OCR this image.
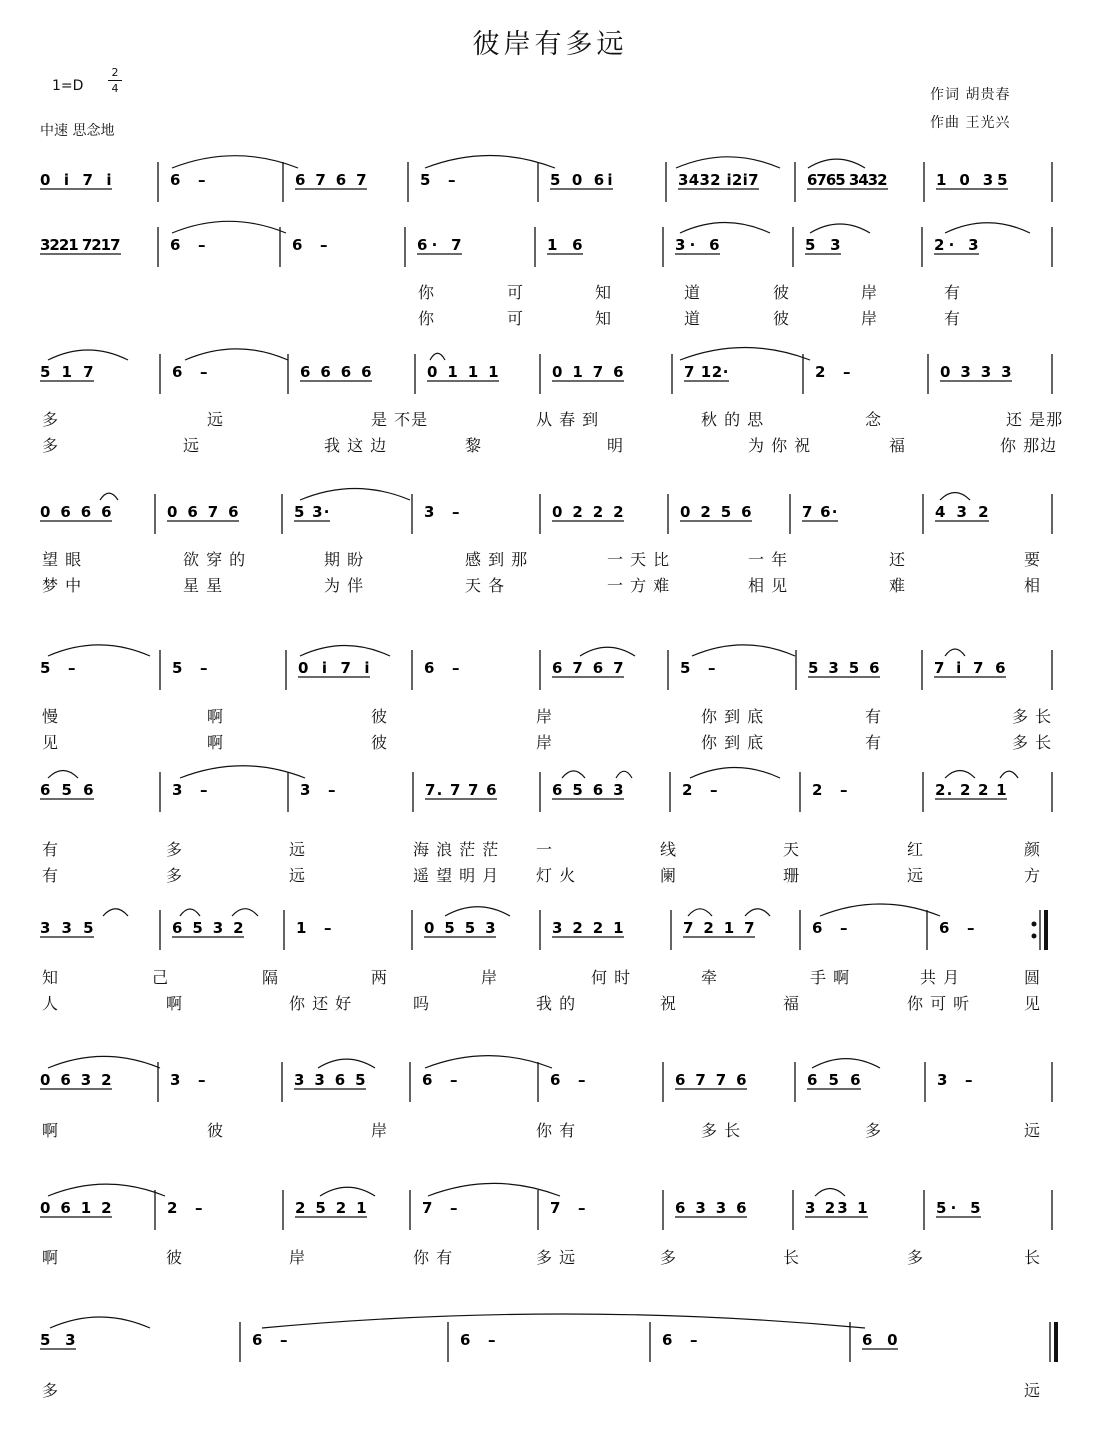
彼岸有多远
1=D
2
4
中速 思念地
作词 胡贵春
作曲 王光兴
0 i 7 i	6 –	6 7 6 7	5 –	5 0 6i	3432 i2i7	6765 3432	1 0 35
3221 7217	6 –	6 –	6· 7	1 6	3· 6	5 3	2· 3
5 1 7	6 –	6 6 6 6	0 1 1 1	0 1 7 6	7 12·	2 –	0 3 3 3
0 6 6 6	0 6 7 6	5 3·	3 –	0 2 2 2	0 2 5 6	7 6·	4 3 2
5 –	5 –	0 i 7 i	6 –	6 7 6 7	5 –	5 3 5 6	7 i 7 6
6 5 6	3 –	3 –	7. 7 7 6	6 5 6 3	2 –	2 –	2. 2 2 1
3 3 5	6 5 3 2	1 –	0 5 5 3	3 2 2 1	7 2 1 7	6 –	6 –
0 6 3 2	3 –	3 3 6 5	6 –	6 –	6 7 7 6	6 5 6	3 –
0 6 1 2	2 –	2 5 2 1	7 –	7 –	6 3 3 6	3 23 1	5· 5
5 3	6 –	6 –	6 –	6 0
你	可	知	道	彼	岸	有
你	可	知	道	彼	岸	有
多	远	是 不是	从 春 到	秋 的 思	念	还 是那
多	远	我 这 边	黎	明	为 你 祝	福	你 那边
望 眼	欲 穿 的	期 盼	感 到 那	一 天 比	一 年	还	要
梦 中	星 星	为 伴	天 各	一 方 难	相 见	难	相
慢	啊	彼	岸	你 到 底	有	多 长
见	啊	彼	岸	你 到 底	有	多 长
有	多	远	海 浪 茫 茫 一	线	天	红	颜
有	多	远	遥 望 明 月 灯 火	阑	珊	远	方
知	己	隔	两	岸	何 时	牵	手 啊	共 月	圆
人	啊	你 还 好	吗	我 的	祝	福	你 可 听	见
啊	彼	岸	你 有	多 长	多	远
啊	彼	岸	你 有	多 远	多	长	多	长
多	远
